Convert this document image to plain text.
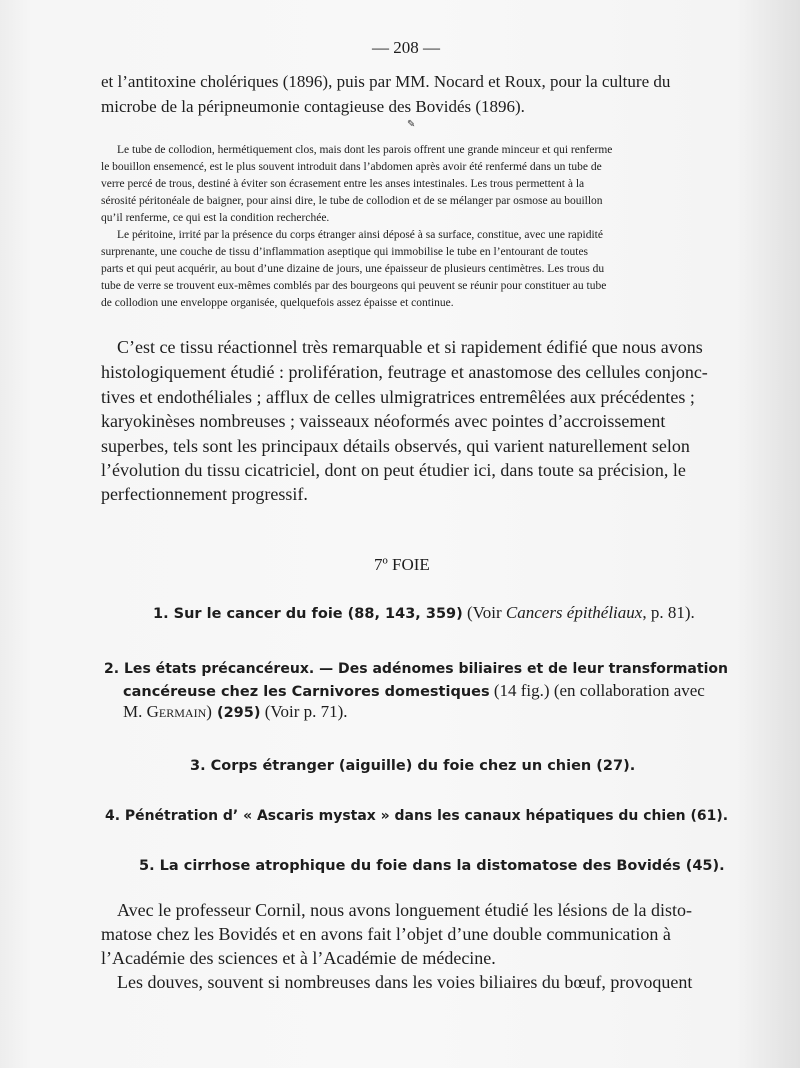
— 208 —
et l’antitoxine cholériques (1896), puis par MM. Nocard et Roux, pour la culture du
microbe de la péripneumonie contagieuse des Bovidés (1896).
✎
Le tube de collodion, hermétiquement clos, mais dont les parois offrent une grande minceur et qui renferme
le bouillon ensemencé, est le plus souvent introduit dans l’abdomen après avoir été renfermé dans un tube de
verre percé de trous, destiné à éviter son écrasement entre les anses intestinales. Les trous permettent à la
sérosité péritonéale de baigner, pour ainsi dire, le tube de collodion et de se mélanger par osmose au bouillon
qu’il renferme, ce qui est la condition recherchée.
Le péritoine, irrité par la présence du corps étranger ainsi déposé à sa surface, constitue, avec une rapidité
surprenante, une couche de tissu d’inflammation aseptique qui immobilise le tube en l’entourant de toutes
parts et qui peut acquérir, au bout d’une dizaine de jours, une épaisseur de plusieurs centimètres. Les trous du
tube de verre se trouvent eux-mêmes comblés par des bourgeons qui peuvent se réunir pour constituer au tube
de collodion une enveloppe organisée, quelquefois assez épaisse et continue.
C’est ce tissu réactionnel très remarquable et si rapidement édifié que nous avons
histologiquement étudié : prolifération, feutrage et anastomose des cellules conjonc-
tives et endothéliales ; afflux de celles ulmigratrices entremêlées aux précédentes ;
karyokinèses nombreuses ; vaisseaux néoformés avec pointes d’accroissement
superbes, tels sont les principaux détails observés, qui varient naturellement selon
l’évolution du tissu cicatriciel, dont on peut étudier ici, dans toute sa précision, le
perfectionnement progressif.
7º FOIE
1. Sur le cancer du foie (88, 143, 359) (Voir Cancers épithéliaux, p. 81).
2. Les états précancéreux. — Des adénomes biliaires et de leur transformation
cancéreuse chez les Carnivores domestiques (14 fig.) (en collaboration avec
M. Germain) (295) (Voir p. 71).
3. Corps étranger (aiguille) du foie chez un chien (27).
4. Pénétration d’ « Ascaris mystax » dans les canaux hépatiques du chien (61).
5. La cirrhose atrophique du foie dans la distomatose des Bovidés (45).
Avec le professeur Cornil, nous avons longuement étudié les lésions de la disto-
matose chez les Bovidés et en avons fait l’objet d’une double communication à
l’Académie des sciences et à l’Académie de médecine.
Les douves, souvent si nombreuses dans les voies biliaires du bœuf, provoquent
